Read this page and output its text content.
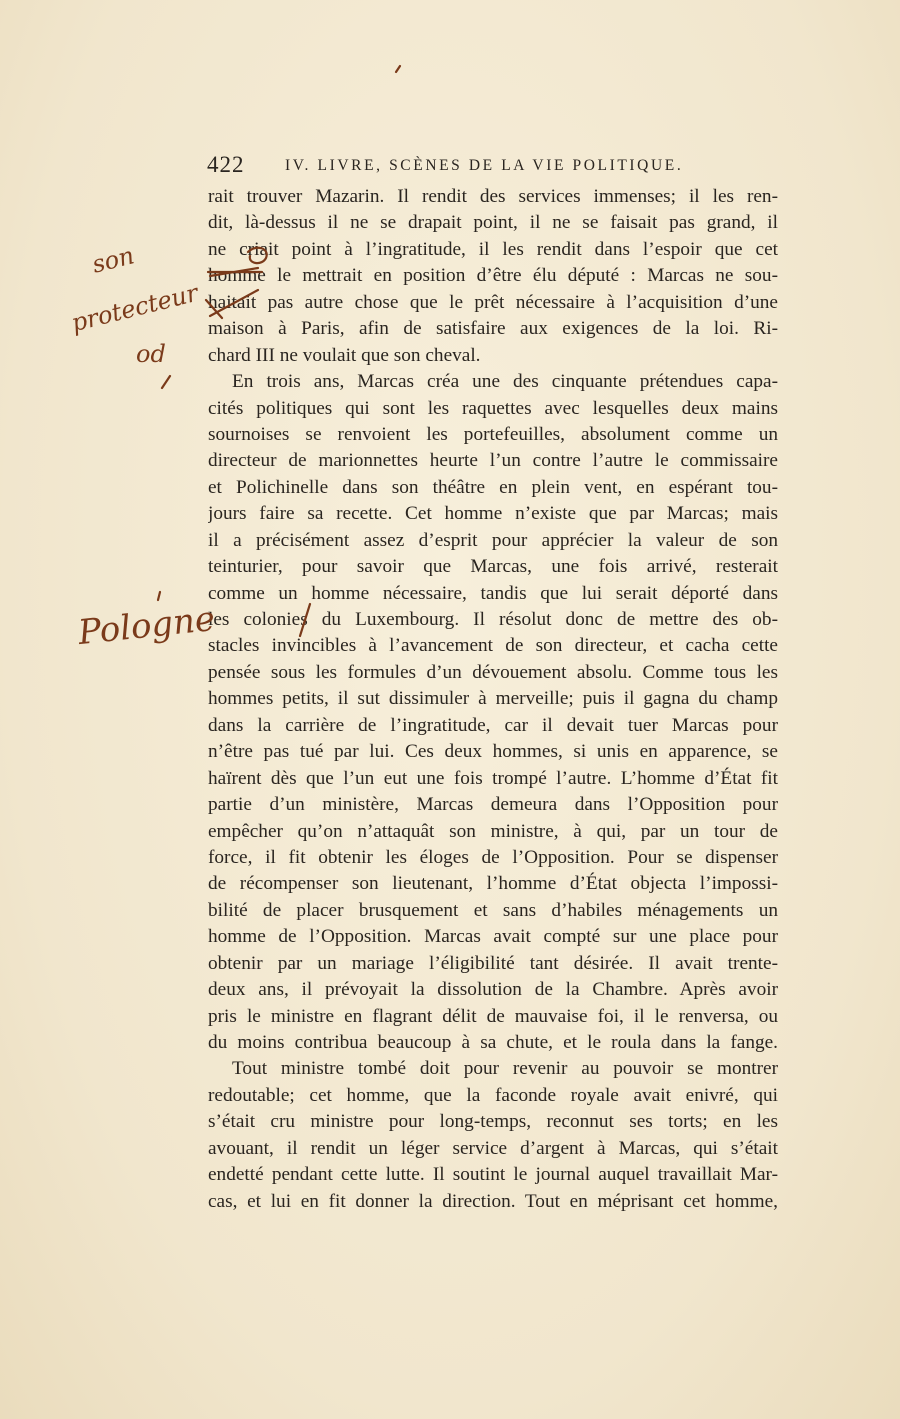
422	IV. LIVRE, SCÈNES DE LA VIE POLITIQUE.
rait trouver Mazarin. Il rendit des services immenses; il les ren-
dit, là-dessus il ne se drapait point, il ne se faisait pas grand, il
ne criait point à l’ingratitude, il les rendit dans l’espoir que cet
homme le mettrait en position d’être élu député : Marcas ne sou-
haitait pas autre chose que le prêt nécessaire à l’acquisition d’une
maison à Paris, afin de satisfaire aux exigences de la loi. Ri-
chard III ne voulait que son cheval.
En trois ans, Marcas créa une des cinquante prétendues capa-
cités politiques qui sont les raquettes avec lesquelles deux mains
sournoises se renvoient les portefeuilles, absolument comme un
directeur de marionnettes heurte l’un contre l’autre le commissaire
et Polichinelle dans son théâtre en plein vent, en espérant tou-
jours faire sa recette. Cet homme n’existe que par Marcas; mais
il a précisément assez d’esprit pour apprécier la valeur de son
teinturier, pour savoir que Marcas, une fois arrivé, resterait
comme un homme nécessaire, tandis que lui serait déporté dans
les colonies du Luxembourg. Il résolut donc de mettre des ob-
stacles invincibles à l’avancement de son directeur, et cacha cette
pensée sous les formules d’un dévouement absolu. Comme tous les
hommes petits, il sut dissimuler à merveille; puis il gagna du champ
dans la carrière de l’ingratitude, car il devait tuer Marcas pour
n’être pas tué par lui. Ces deux hommes, si unis en apparence, se
haïrent dès que l’un eut une fois trompé l’autre. L’homme d’État fit
partie d’un ministère, Marcas demeura dans l’Opposition pour
empêcher qu’on n’attaquât son ministre, à qui, par un tour de
force, il fit obtenir les éloges de l’Opposition. Pour se dispenser
de récompenser son lieutenant, l’homme d’État objecta l’impossi-
bilité de placer brusquement et sans d’habiles ménagements un
homme de l’Opposition. Marcas avait compté sur une place pour
obtenir par un mariage l’éligibilité tant désirée. Il avait trente-
deux ans, il prévoyait la dissolution de la Chambre. Après avoir
pris le ministre en flagrant délit de mauvaise foi, il le renversa, ou
du moins contribua beaucoup à sa chute, et le roula dans la fange.
Tout ministre tombé doit pour revenir au pouvoir se montrer
redoutable; cet homme, que la faconde royale avait enivré, qui
s’était cru ministre pour long-temps, reconnut ses torts; en les
avouant, il rendit un léger service d’argent à Marcas, qui s’était
endetté pendant cette lutte. Il soutint le journal auquel travaillait Mar-
cas, et lui en fit donner la direction. Tout en méprisant cet homme,
son
protecteur
od
Pologne
